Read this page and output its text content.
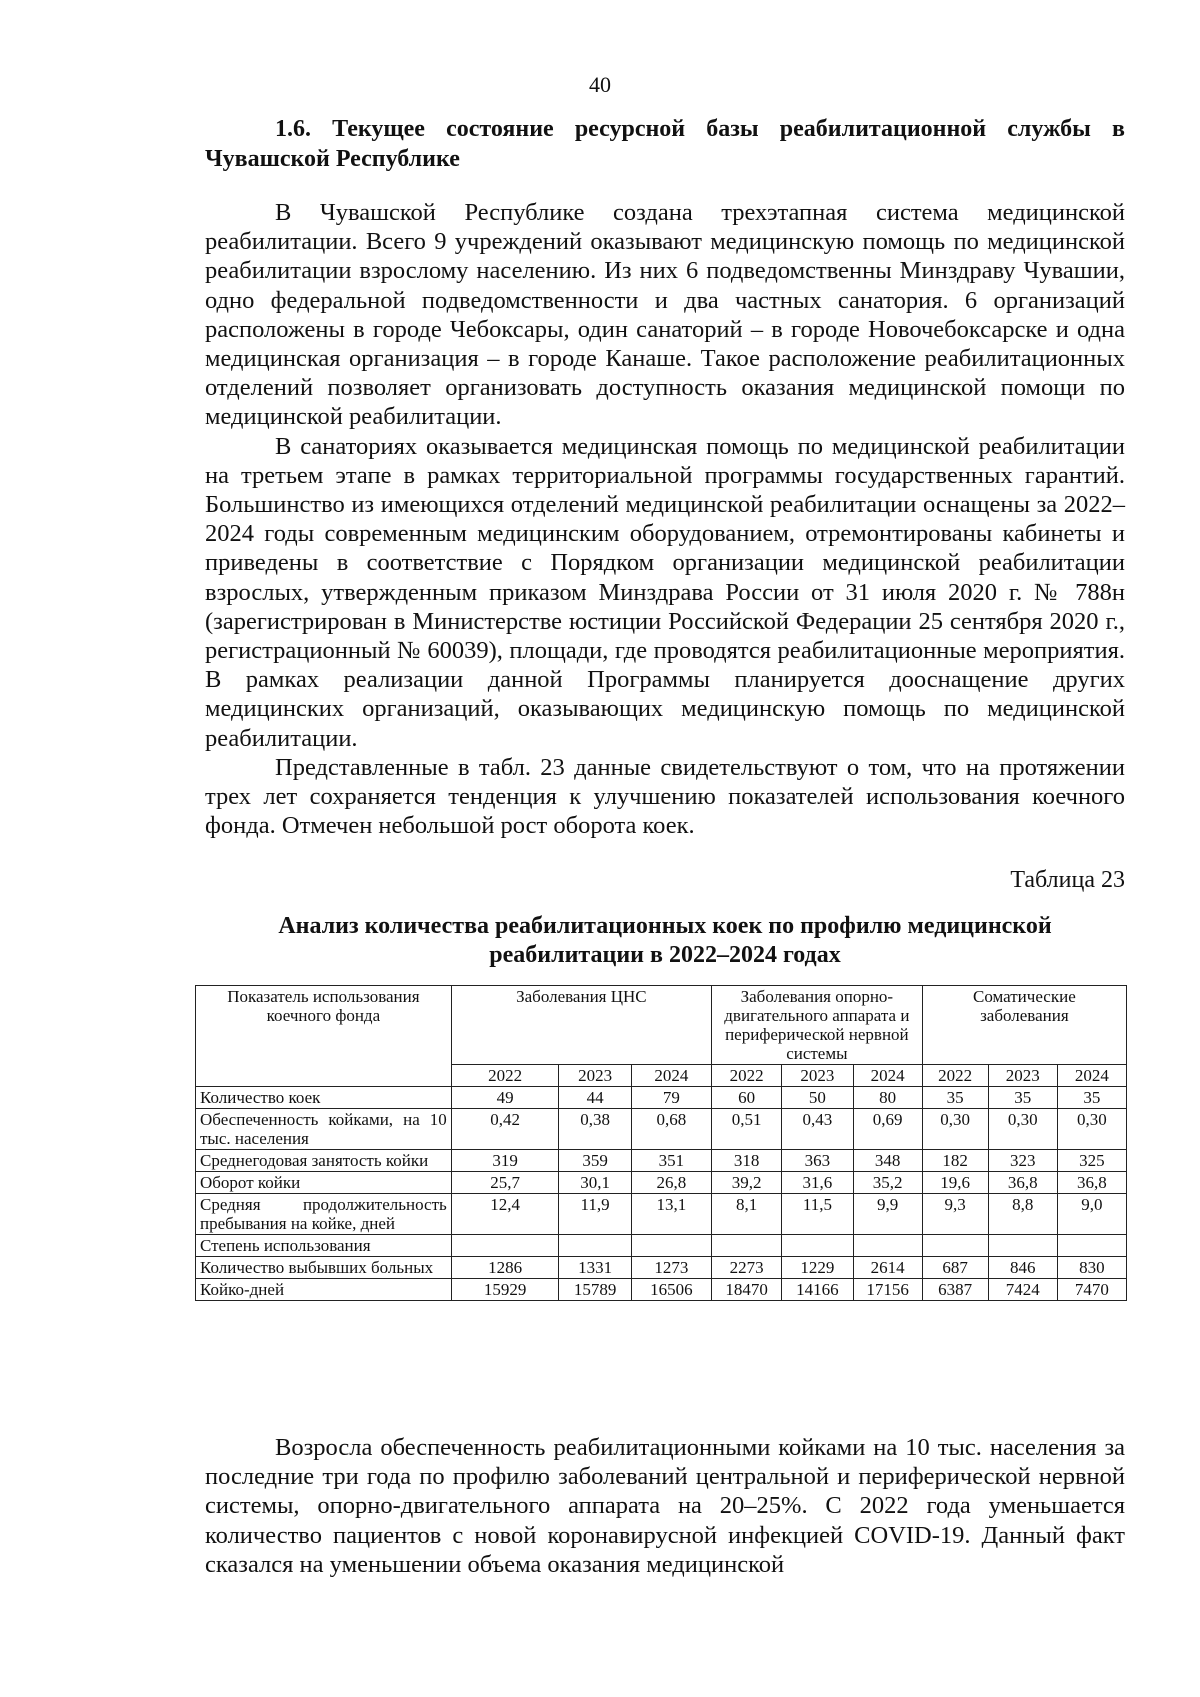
40
1.6. Текущее состояние ресурсной базы реабилитационной службы в Чувашской Республике

В Чувашской Республике создана трехэтапная система медицинской реабилитации. Всего 9 учреждений оказывают медицинскую помощь по медицинской реабилитации взрослому населению. Из них 6 подведомственны Минздраву Чувашии, одно федеральной подведомственности и два частных санатория. 6 организаций расположены в городе Чебоксары, один санаторий – в городе Новочебоксарске и одна медицинская организация – в городе Канаше. Такое расположение реабилитационных отделений позволяет организовать доступность оказания медицинской помощи по медицинской реабилитации.

В санаториях оказывается медицинская помощь по медицинской реабилитации на третьем этапе в рамках территориальной программы государственных гарантий. Большинство из имеющихся отделений медицинской реабилитации оснащены за 2022–2024 годы современным медицинским оборудованием, отремонтированы кабинеты и приведены в соответствие с Порядком организации медицинской реабилитации взрослых, утвержденным приказом Минздрава России от 31 июля 2020 г. № 788н (зарегистрирован в Министерстве юстиции Российской Федерации 25 сентября 2020 г., регистрационный № 60039), площади, где проводятся реабилитационные мероприятия. В рамках реализации данной Программы планируется дооснащение других медицинских организаций, оказывающих медицинскую помощь по медицинской реабилитации.

Представленные в табл. 23 данные свидетельствуют о том, что на протяжении трех лет сохраняется тенденция к улучшению показателей использования коечного фонда. Отмечен небольшой рост оборота коек.

Таблица 23
Анализ количества реабилитационных коек по профилю медицинской реабилитации в 2022–2024 годах
Показатель использования коечного фонда	Заболевания ЦНС			Заболевания опорно-двигательного аппарата и периферической нервной системы			Соматические заболевания		
	2022	2023	2024	2022	2023	2024	2022	2023	2024
Количество коек	49	44	79	60	50	80	35	35	35
Обеспеченность койками, на 10 тыс. населения	0,42	0,38	0,68	0,51	0,43	0,69	0,30	0,30	0,30
Среднегодовая занятость койки	319	359	351	318	363	348	182	323	325
Оборот койки	25,7	30,1	26,8	39,2	31,6	35,2	19,6	36,8	36,8
Средняя продолжительность пребывания на койке, дней	12,4	11,9	13,1	8,1	11,5	9,9	9,3	8,8	9,0
Степень использования									
Количество выбывших больных	1286	1331	1273	2273	1229	2614	687	846	830
Койко-дней	15929	15789	16506	18470	14166	17156	6387	7424	7470

Возросла обеспеченность реабилитационными койками на 10 тыс. населения за последние три года по профилю заболеваний центральной и периферической нервной системы, опорно-двигательного аппарата на 20–25%. С 2022 года уменьшается количество пациентов с новой коронавирусной инфекцией COVID-19. Данный факт сказался на уменьшении объема оказания медицинской
